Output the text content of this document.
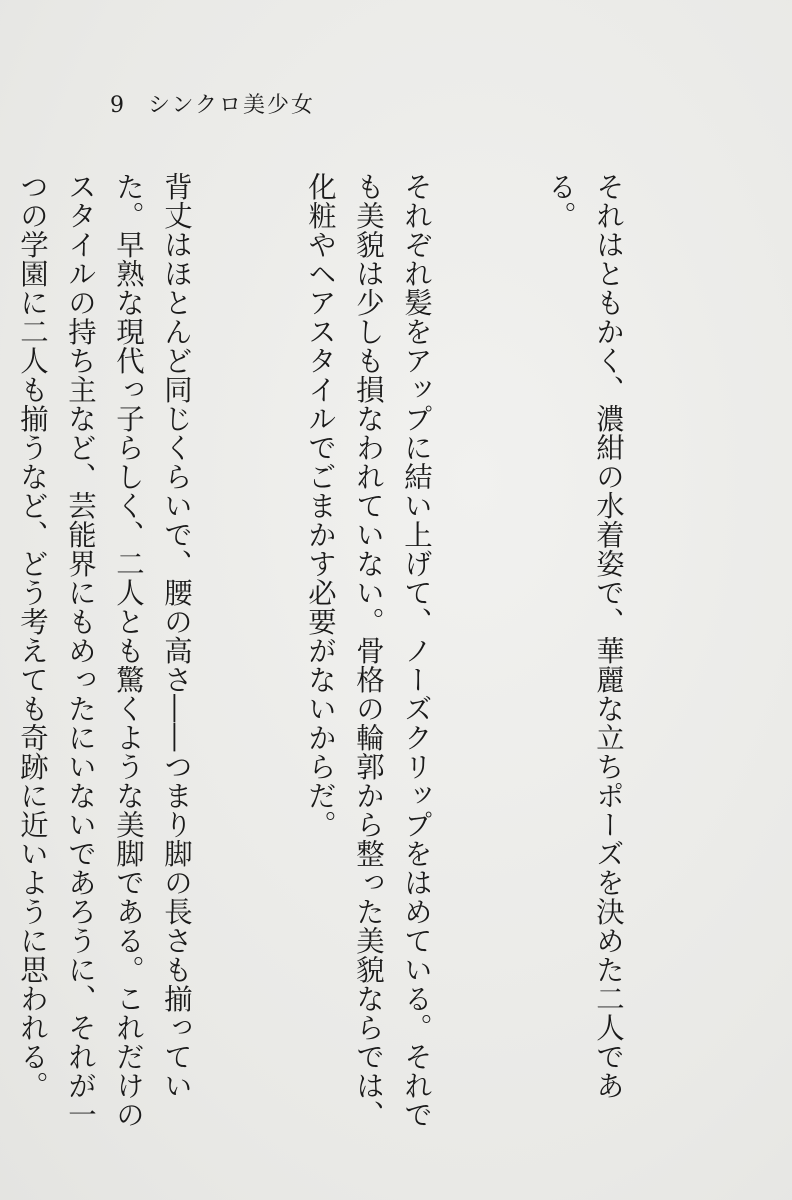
9 シンクロ美少女

それはともかく、濃紺の水着姿で、華麗な立ちポーズを決めた二人である。

それぞれ髪をアップに結い上げて、ノーズクリップをはめている。それでも美貌は少しも損なわれていない。骨格の輪郭から整った美貌ならでは、化粧やヘアスタイルでごまかす必要がないからだ。

背丈はほとんど同じくらいで、腰の高さ――つまり脚の長さも揃っていた。早熟な現代っ子らしく、二人とも驚くような美脚である。これだけのスタイルの持ち主など、芸能界にもめったにいないであろうに、それが一つの学園に二人も揃うなど、どう考えても奇跡に近いように思われる。
